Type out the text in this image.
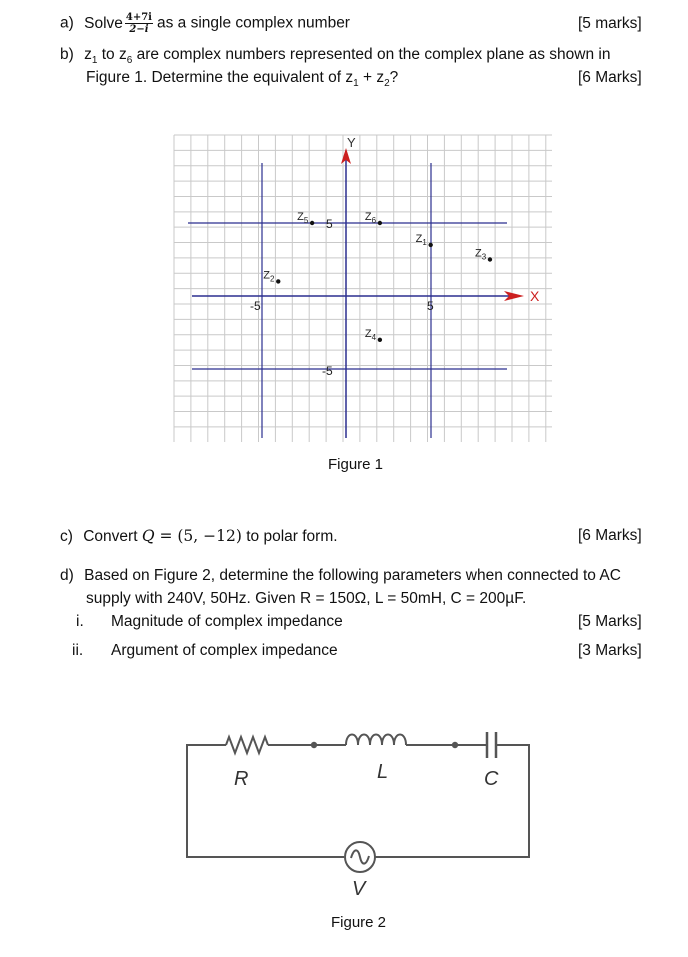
a) Solve $\frac{4+7i}{2-i}$ as a single complex number	[5 marks]
b) $z_1$ to $z_6$ are complex numbers represented on the complex plane as shown in
Figure 1. Determine the equivalent of $z_1 + z_2$?	[6 Marks]
Y
X
-5	5
5
-5
$Z_1$
$Z_2$
$Z_3$
$Z_4$
$Z_5$	$Z_6$
Figure 1
c) Convert Q = (5, −12) to polar form.	[6 Marks]
d) Based on Figure 2, determine the following parameters when connected to AC
supply with 240V, 50Hz. Given R = 150Ω, L = 50mH, C = 200µF.
i. Magnitude of complex impedance	[5 Marks]
ii. Argument of complex impedance	[3 Marks]
R	L	C
V
Figure 2
